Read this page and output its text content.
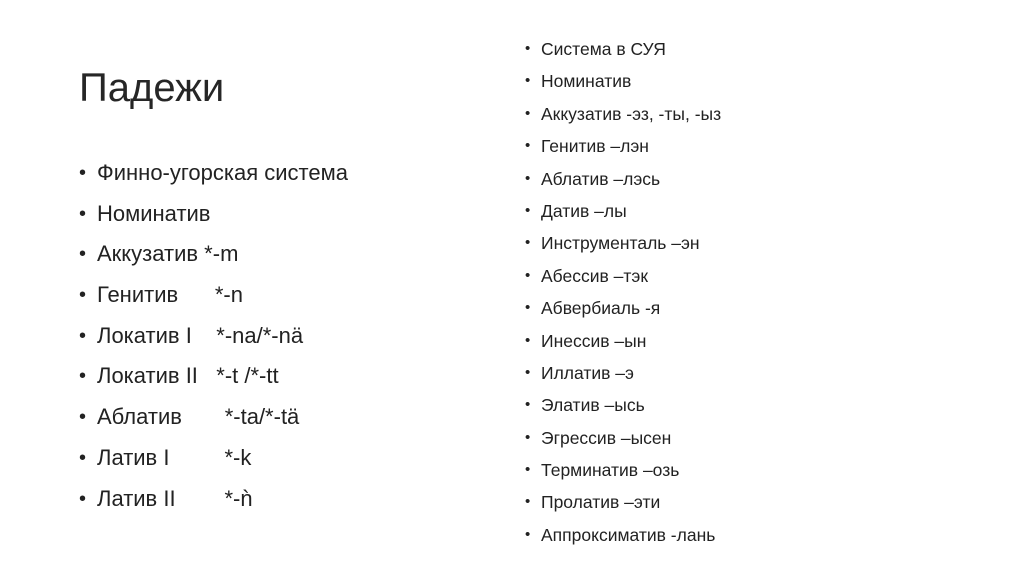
Падежи
• Финно-угорская система
• Номинатив
• Аккузатив *-m
• Генитив      *-n
• Локатив I    *-na/*-nä
• Локатив II   *-t /*-tt
• Аблатив       *-ta/*-tä
• Латив I         *-k
• Латив II        *-ǹ
• Система в СУЯ
• Номинатив
• Аккузатив -эз, -ты, -ыз
• Генитив –лэн
• Аблатив –лэсь
• Датив –лы
• Инструменталь –эн
• Абессив –тэк
• Абвербиаль -я
• Инессив –ын
• Иллатив –э
• Элатив –ысь
• Эгрессив –ысен
• Терминатив –озь
• Пролатив –эти
• Аппроксиматив -лань
